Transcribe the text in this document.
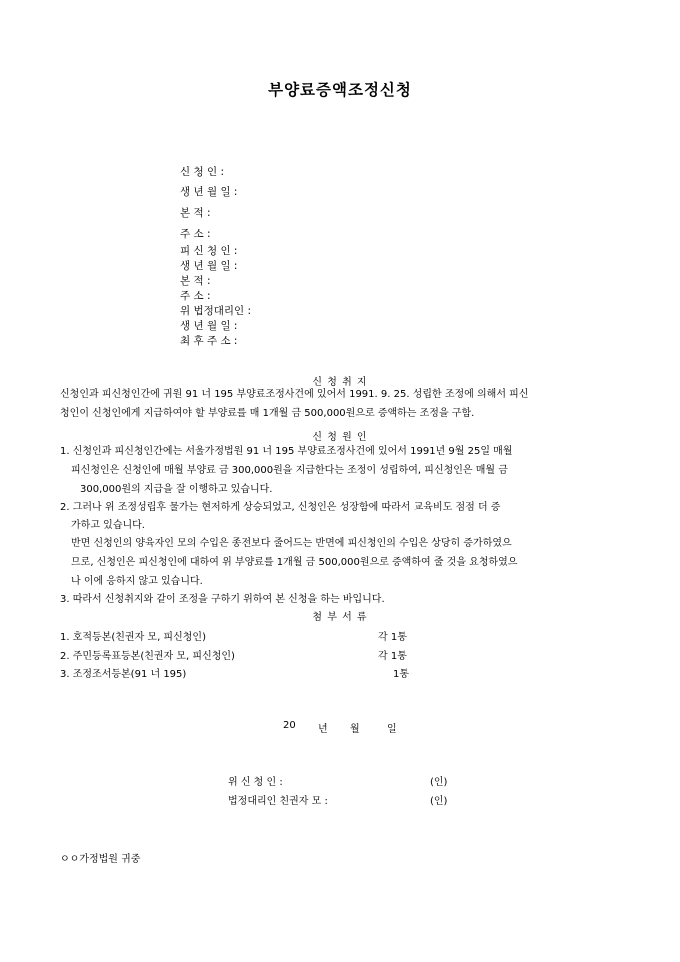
부양료증액조정신청
신 청 인 :
생 년 월 일 :
본 적 :
주 소 :
피 신 청 인 :
생 년 월 일 :
본 적 :
주 소 :
위 법정대리인 :
생 년 월 일 :
최 후 주 소 :
신 청 취 지
신청인과 피신청인간에 귀원 91 너 195 부양료조정사건에 있어서 1991. 9. 25. 성립한 조정에 의해서 피신
청인이 신청인에게 지급하여야 할 부양료를 매 1개월 금 500,000원으로 증액하는 조정을 구함.
신 청 원 인
1. 신청인과 피신청인간에는 서울가정법원 91 너 195 부양료조정사건에 있어서 1991년 9월 25일 매월
피신청인은 신청인에 매월 부양료 금 300,000원을 지급한다는 조정이 성립하여, 피신청인은 매월 금
300,000원의 지급을 잘 이행하고 있습니다.
2. 그러나 위 조정성립후 물가는 현저하게 상승되었고, 신청인은 성장함에 따라서 교육비도 점점 더 증
가하고 있습니다.
반면 신청인의 양육자인 모의 수입은 종전보다 줄어드는 반면에 피신청인의 수입은 상당히 증가하였으
므로, 신청인은 피신청인에 대하여 위 부양료를 1개월 금 500,000원으로 증액하여 줄 것을 요청하였으
나 이에 응하지 않고 있습니다.
3. 따라서 신청취지와 같이 조정을 구하기 위하여 본 신청을 하는 바입니다.
첨 부 서 류
1. 호적등본(친권자 모, 피신청인)	각 1통
2. 주민등록표등본(친권자 모, 피신청인)	각 1통
3. 조정조서등본(91 너 195)	1통
20 년 월	일
위 신 청 인 :	(인)
법정대리인 친권자 모 :	(인)
ㅇㅇ가정법원 귀중
